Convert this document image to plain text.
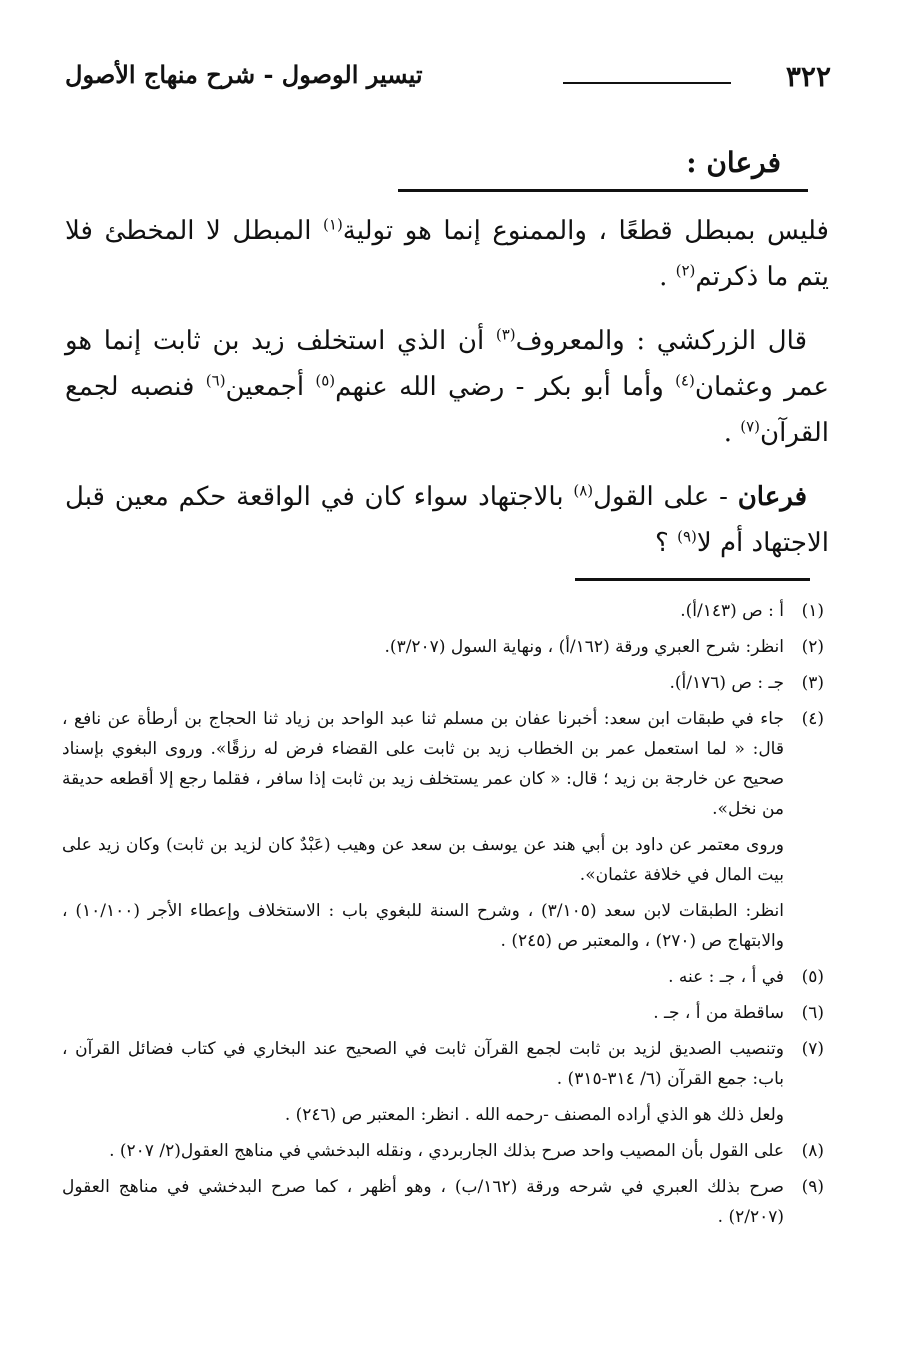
٣٢٢
تيسير الوصول - شرح منهاج الأصول
فرعان :

فليس بمبطل قطعًا ، والممنوع إنما هو تولية$^{(١)}$ المبطل لا المخطئ فلا يتم ما ذكرتم$^{(٢)}$ .

قال الزركشي : والمعروف$^{(٣)}$ أن الذي استخلف زيد بن ثابت إنما هو عمر وعثمان$^{(٤)}$ وأما أبو بكر - رضي الله عنهم$^{(٥)}$ أجمعين$^{(٦)}$ فنصبه لجمع القرآن$^{(٧)}$ .

فرعان - على القول$^{(٨)}$ بالاجتهاد سواء كان في الواقعة حكم معين قبل الاجتهاد أم لا$^{(٩)}$ ؟

(١)
أ : ص (١٤٣/أ).
(٢)
انظر: شرح العبري ورقة (١٦٢/أ) ، ونهاية السول (٣/٢٠٧).
(٣)
جـ : ص (١٧٦/أ).
(٤)
جاء في طبقات ابن سعد: أخبرنا عفان بن مسلم ثنا عبد الواحد بن زياد ثنا الحجاج بن أرطأة عن نافع ، قال: « لما استعمل عمر بن الخطاب زيد بن ثابت على القضاء فرض له رزقًا». وروى البغوي بإسناد صحيح عن خارجة بن زيد ؛ قال: « كان عمر يستخلف زيد بن ثابت إذا سافر ، فقلما رجع إلا أقطعه حديقة من نخل».
وروى معتمر عن داود بن أبي هند عن يوسف بن سعد عن وهيب (عَبْدٌ كان لزيد بن ثابت) وكان زيد على بيت المال في خلافة عثمان».
انظر: الطبقات لابن سعد (٣/١٠٥) ، وشرح السنة للبغوي باب : الاستخلاف وإعطاء الأجر (١٠/١٠٠) ، والابتهاج ص (٢٧٠) ، والمعتبر ص (٢٤٥) .
(٥)
في أ ، جـ : عنه .
(٦)
ساقطة من أ ، جـ .
(٧)
وتنصيب الصديق لزيد بن ثابت لجمع القرآن ثابت في الصحيح عند البخاري في كتاب فضائل القرآن ، باب: جمع القرآن (٦/ ٣١٤-٣١٥) .
ولعل ذلك هو الذي أراده المصنف -رحمه الله . انظر: المعتبر ص (٢٤٦) .
(٨)
على القول بأن المصيب واحد صرح بذلك الجاربردي ، ونقله البدخشي في مناهج العقول(٢/ ٢٠٧) .
(٩)
صرح بذلك العبري في شرحه ورقة (١٦٢/ب) ، وهو أظهر ، كما صرح البدخشي في مناهج العقول (٢/٢٠٧) .
